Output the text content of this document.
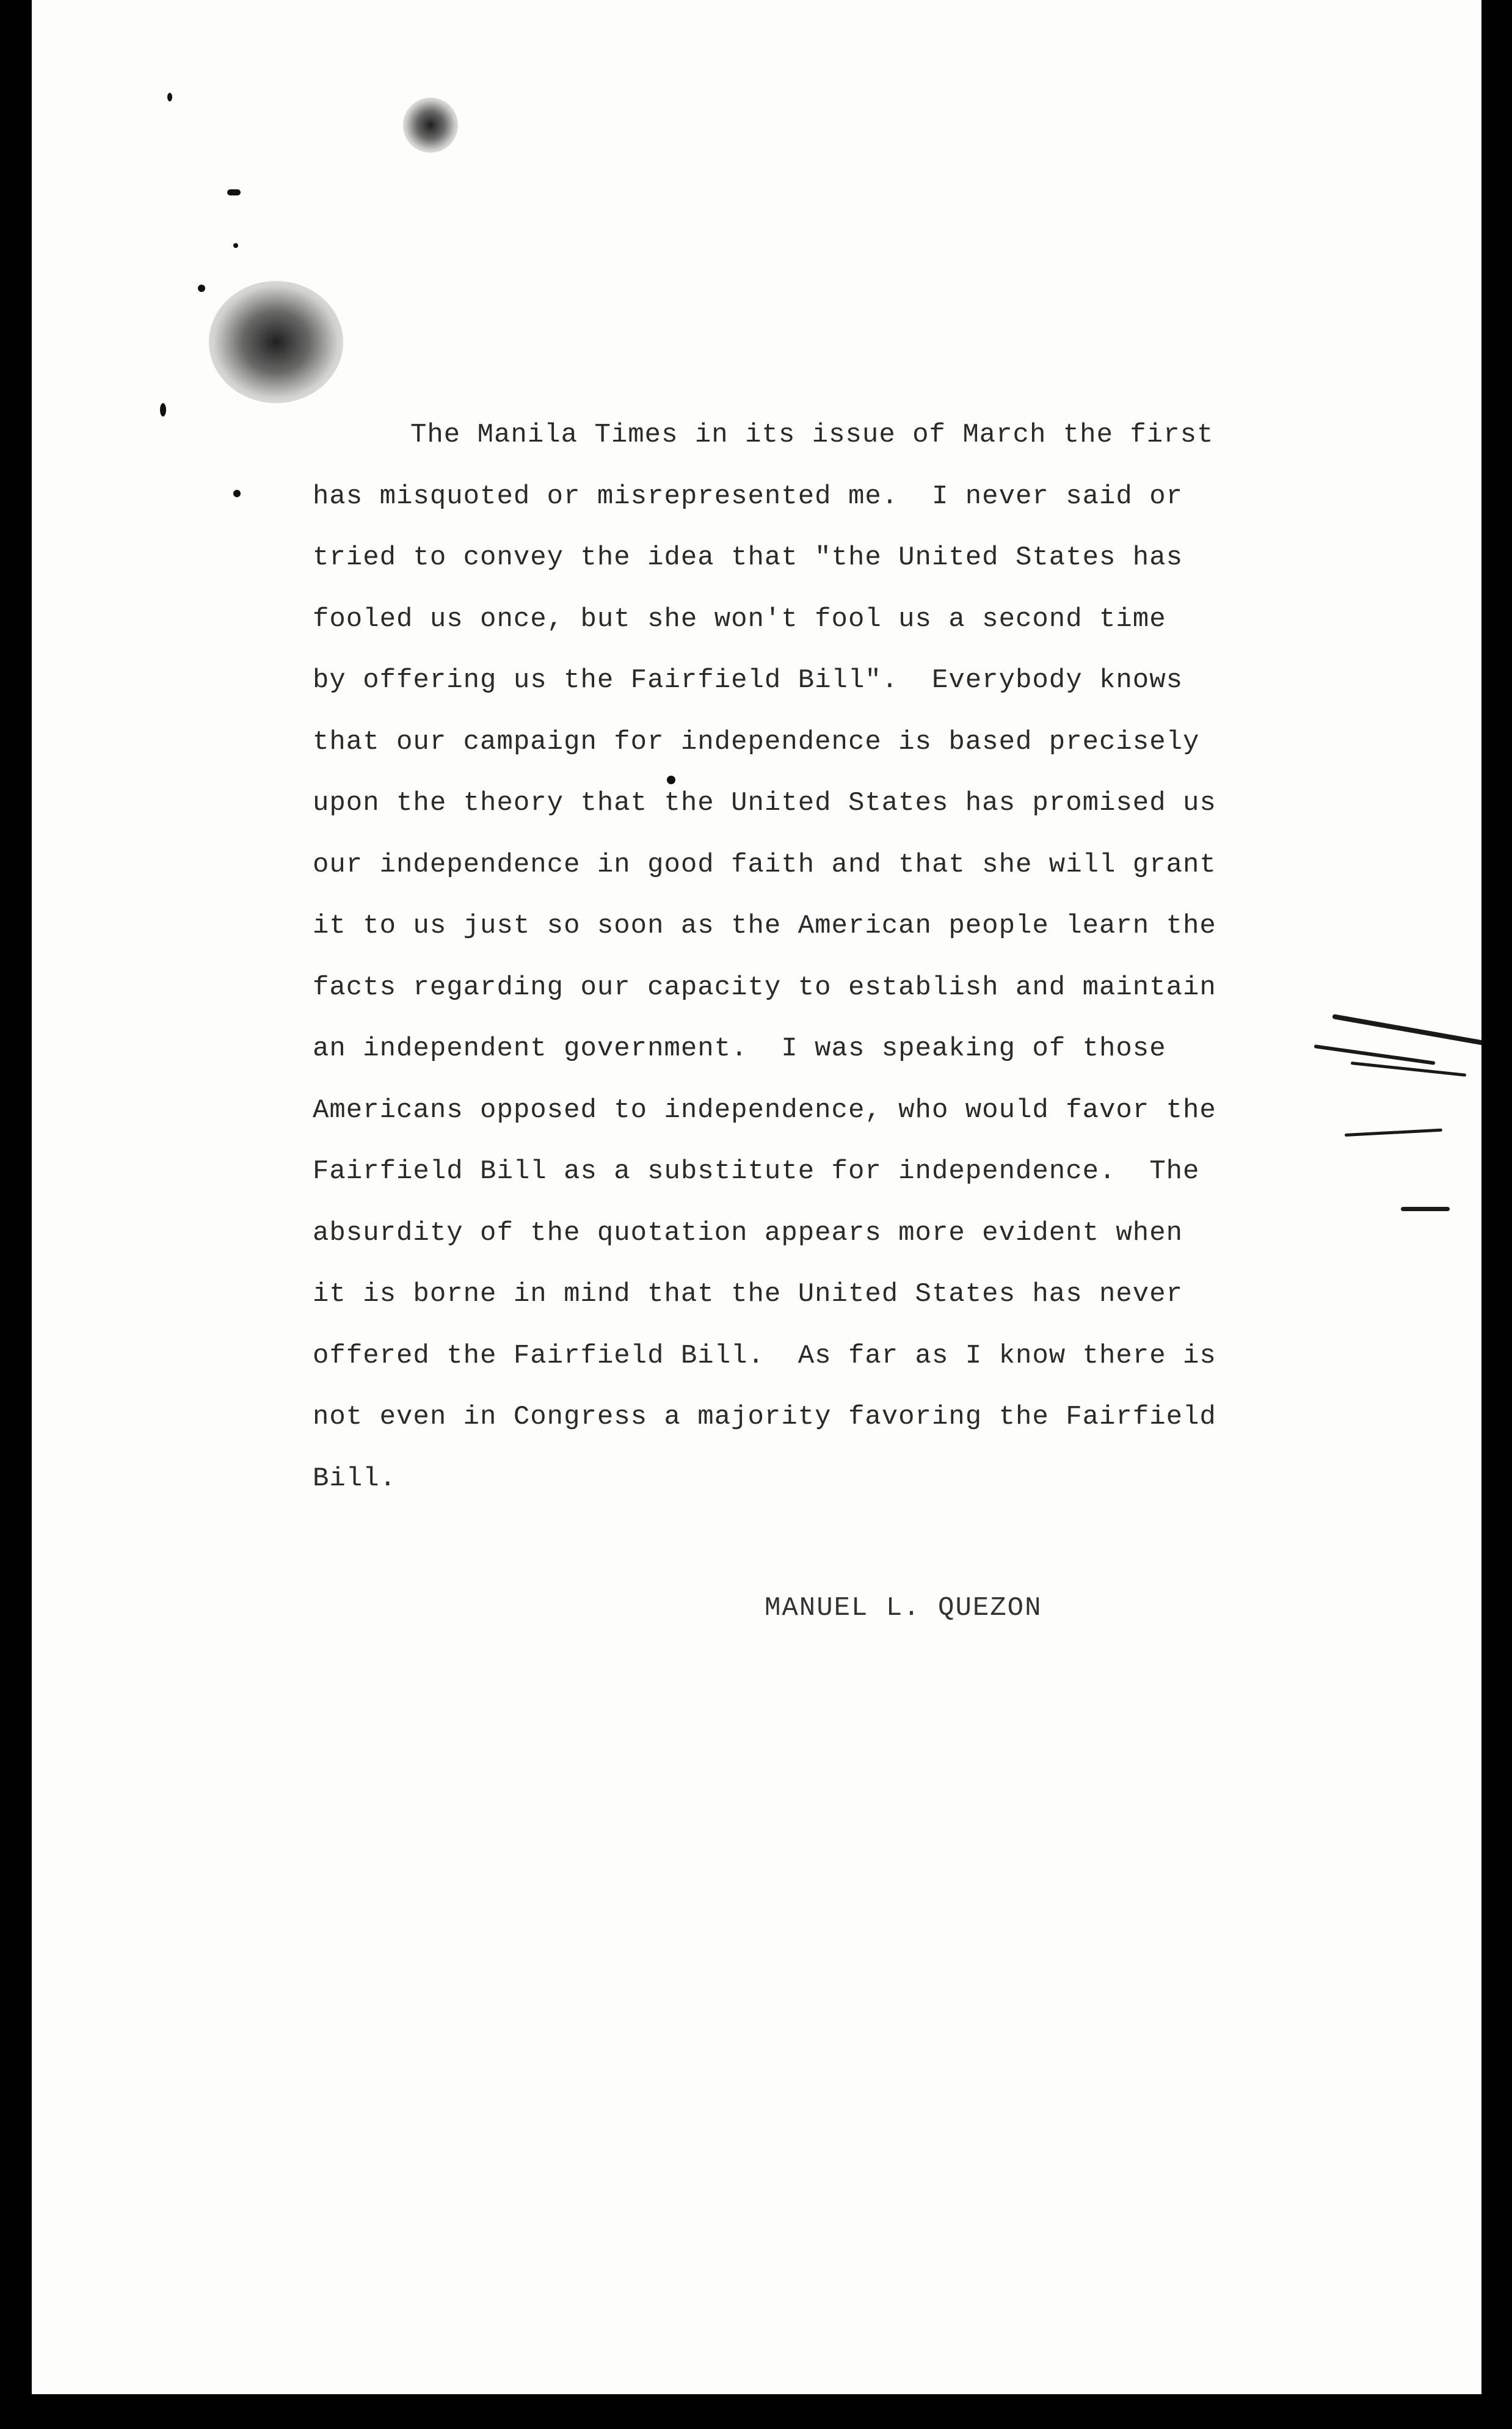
The Manila Times in its issue of March the first
has misquoted or misrepresented me.  I never said or
tried to convey the idea that "the United States has
fooled us once, but she won't fool us a second time
by offering us the Fairfield Bill".  Everybody knows
that our campaign for independence is based precisely
upon the theory that the United States has promised us
our independence in good faith and that she will grant
it to us just so soon as the American people learn the
facts regarding our capacity to establish and maintain
an independent government.  I was speaking of those
Americans opposed to independence, who would favor the
Fairfield Bill as a substitute for independence.  The
absurdity of the quotation appears more evident when
it is borne in mind that the United States has never
offered the Fairfield Bill.  As far as I know there is
not even in Congress a majority favoring the Fairfield
Bill.
MANUEL L. QUEZON
